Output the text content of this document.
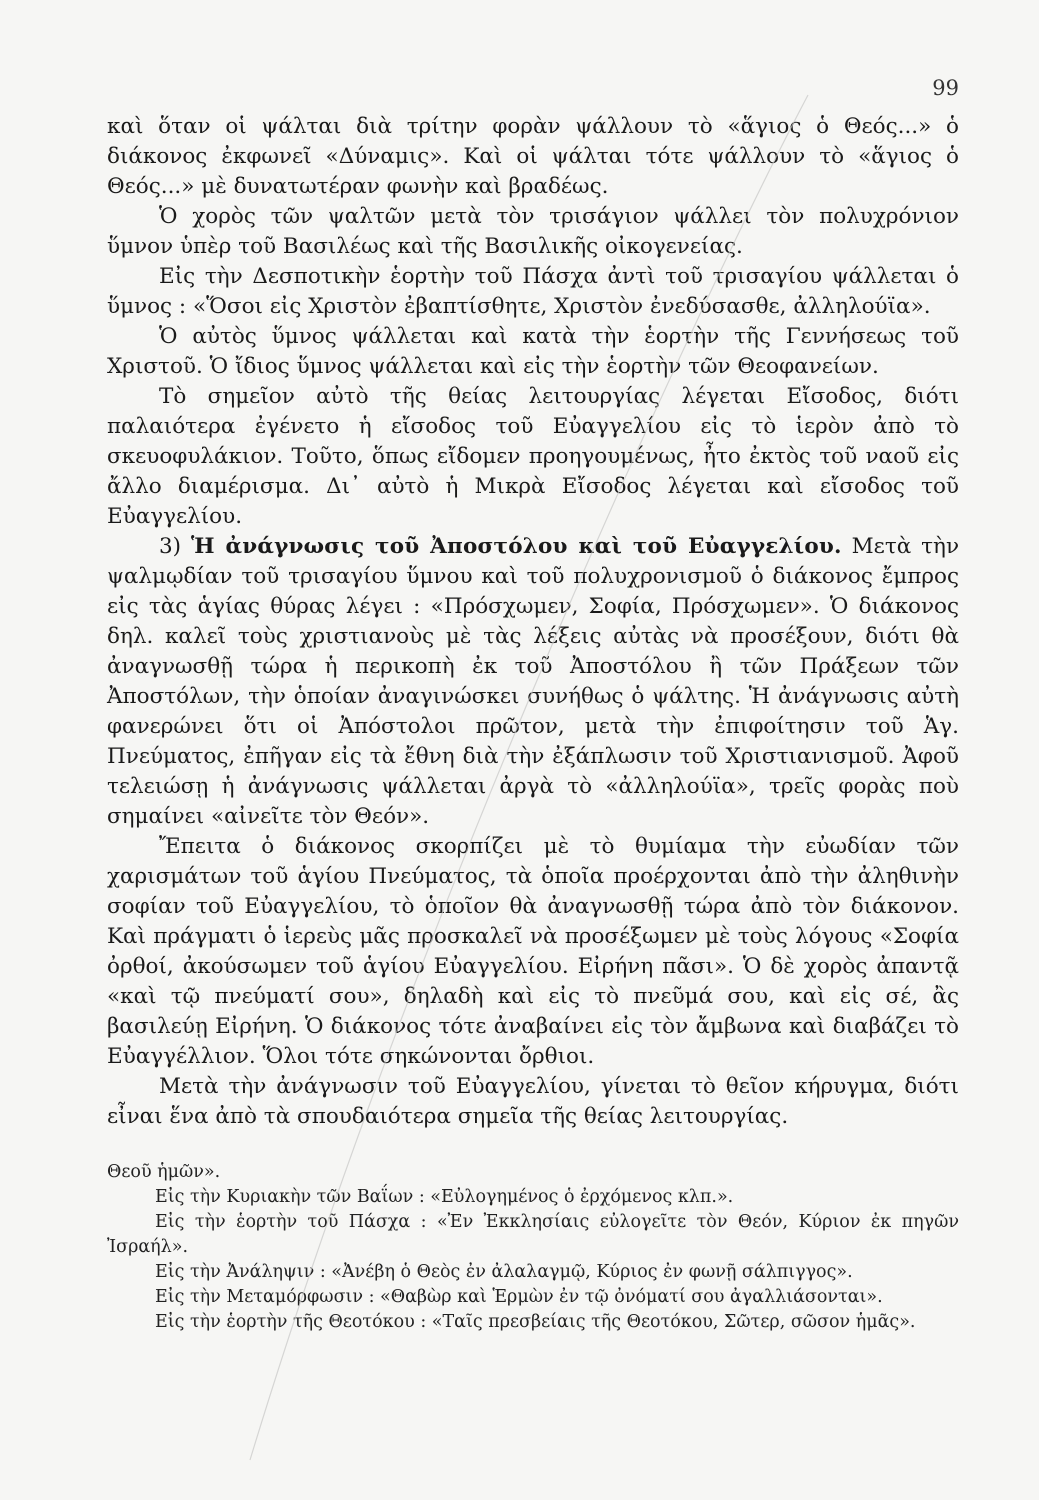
99

καὶ ὅταν οἱ ψάλται διὰ τρίτην φορὰν ψάλλουν τὸ «ἅγιος ὁ Θεός...» ὁ διάκονος ἐκφωνεῖ «Δύναμις». Καὶ οἱ ψάλται τότε ψάλλουν τὸ «ἅγιος ὁ Θεός...» μὲ δυνατωτέραν φωνὴν καὶ βραδέως.

Ὁ χορὸς τῶν ψαλτῶν μετὰ τὸν τρισάγιον ψάλλει τὸν πολυχρόνιον ὕμνον ὑπὲρ τοῦ Βασιλέως καὶ τῆς Βασιλικῆς οἰκογενείας.

Εἰς τὴν Δεσποτικὴν ἑορτὴν τοῦ Πάσχα ἀντὶ τοῦ τρισαγίου ψάλλεται ὁ ὕμνος : «Ὅσοι εἰς Χριστὸν ἐβαπτίσθητε, Χριστὸν ἐνεδύσασθε, ἀλληλούϊα».

Ὁ αὐτὸς ὕμνος ψάλλεται καὶ κατὰ τὴν ἑορτὴν τῆς Γεννήσεως τοῦ Χριστοῦ. Ὁ ἴδιος ὕμνος ψάλλεται καὶ εἰς τὴν ἑορτὴν τῶν Θεοφανείων.

Τὸ σημεῖον αὐτὸ τῆς θείας λειτουργίας λέγεται Εἴσοδος, διότι παλαιότερα ἐγένετο ἡ εἴσοδος τοῦ Εὐαγγελίου εἰς τὸ ἱερὸν ἀπὸ τὸ σκευοφυλάκιον. Τοῦτο, ὅπως εἴδομεν προηγουμένως, ἦτο ἐκτὸς τοῦ ναοῦ εἰς ἄλλο διαμέρισμα. Δι᾽ αὐτὸ ἡ Μικρὰ Εἴσοδος λέγεται καὶ εἴσοδος τοῦ Εὐαγγελίου.

3) Ἡ ἀνάγνωσις τοῦ Ἀποστόλου καὶ τοῦ Εὐαγγελίου. Μετὰ τὴν ψαλμῳδίαν τοῦ τρισαγίου ὕμνου καὶ τοῦ πολυχρονισμοῦ ὁ διάκονος ἔμπρος εἰς τὰς ἁγίας θύρας λέγει : «Πρόσχωμεν, Σοφία, Πρόσχωμεν». Ὁ διάκονος δηλ. καλεῖ τοὺς χριστιανοὺς μὲ τὰς λέξεις αὐτὰς νὰ προσέξουν, διότι θὰ ἀναγνωσθῇ τώρα ἡ περικοπὴ ἐκ τοῦ Ἀποστόλου ἢ τῶν Πράξεων τῶν Ἀποστόλων, τὴν ὁποίαν ἀναγινώσκει συνήθως ὁ ψάλτης. Ἡ ἀνάγνωσις αὐτὴ φανερώνει ὅτι οἱ Ἀπόστολοι πρῶτον, μετὰ τὴν ἐπιφοίτησιν τοῦ Ἁγ. Πνεύματος, ἐπῆγαν εἰς τὰ ἔθνη διὰ τὴν ἐξάπλωσιν τοῦ Χριστιανισμοῦ. Ἀφοῦ τελειώσῃ ἡ ἀνάγνωσις ψάλλεται ἀργὰ τὸ «ἀλληλούϊα», τρεῖς φορὰς ποὺ σημαίνει «αἰνεῖτε τὸν Θεόν».

Ἔπειτα ὁ διάκονος σκορπίζει μὲ τὸ θυμίαμα τὴν εὐωδίαν τῶν χαρισμάτων τοῦ ἁγίου Πνεύματος, τὰ ὁποῖα προέρχονται ἀπὸ τὴν ἀληθινὴν σοφίαν τοῦ Εὐαγγελίου, τὸ ὁποῖον θὰ ἀναγνωσθῇ τώρα ἀπὸ τὸν διάκονον. Καὶ πράγματι ὁ ἱερεὺς μᾶς προσκαλεῖ νὰ προσέξωμεν μὲ τοὺς λόγους «Σοφία ὀρθοί, ἀκούσωμεν τοῦ ἁγίου Εὐαγγελίου. Εἰρήνη πᾶσι». Ὁ δὲ χορὸς ἀπαντᾷ «καὶ τῷ πνεύματί σου», δηλαδὴ καὶ εἰς τὸ πνεῦμά σου, καὶ εἰς σέ, ἂς βασιλεύῃ Εἰρήνη. Ὁ διάκονος τότε ἀναβαίνει εἰς τὸν ἄμβωνα καὶ διαβάζει τὸ Εὐαγγέλλιον. Ὅλοι τότε σηκώνονται ὄρθιοι.

Μετὰ τὴν ἀνάγνωσιν τοῦ Εὐαγγελίου, γίνεται τὸ θεῖον κήρυγμα, διότι εἶναι ἕνα ἀπὸ τὰ σπουδαιότερα σημεῖα τῆς θείας λειτουργίας.

Θεοῦ ἡμῶν».

Εἰς τὴν Κυριακὴν τῶν Βαΐων : «Εὐλογημένος ὁ ἐρχόμενος κλπ.».

Εἰς τὴν ἑορτὴν τοῦ Πάσχα : «Ἐν Ἐκκλησίαις εὐλογεῖτε τὸν Θεόν, Κύριον ἐκ πηγῶν Ἰσραήλ».

Εἰς τὴν Ἀνάληψιν : «Ἀνέβη ὁ Θεὸς ἐν ἀλαλαγμῷ, Κύριος ἐν φωνῇ σάλπιγγος».

Εἰς τὴν Μεταμόρφωσιν : «Θαβὼρ καὶ Ἑρμὼν ἐν τῷ ὀνόματί σου ἀγαλλιάσονται».

Εἰς τὴν ἑορτὴν τῆς Θεοτόκου : «Ταῖς πρεσβείαις τῆς Θεοτόκου, Σῶτερ, σῶσον ἡμᾶς».
